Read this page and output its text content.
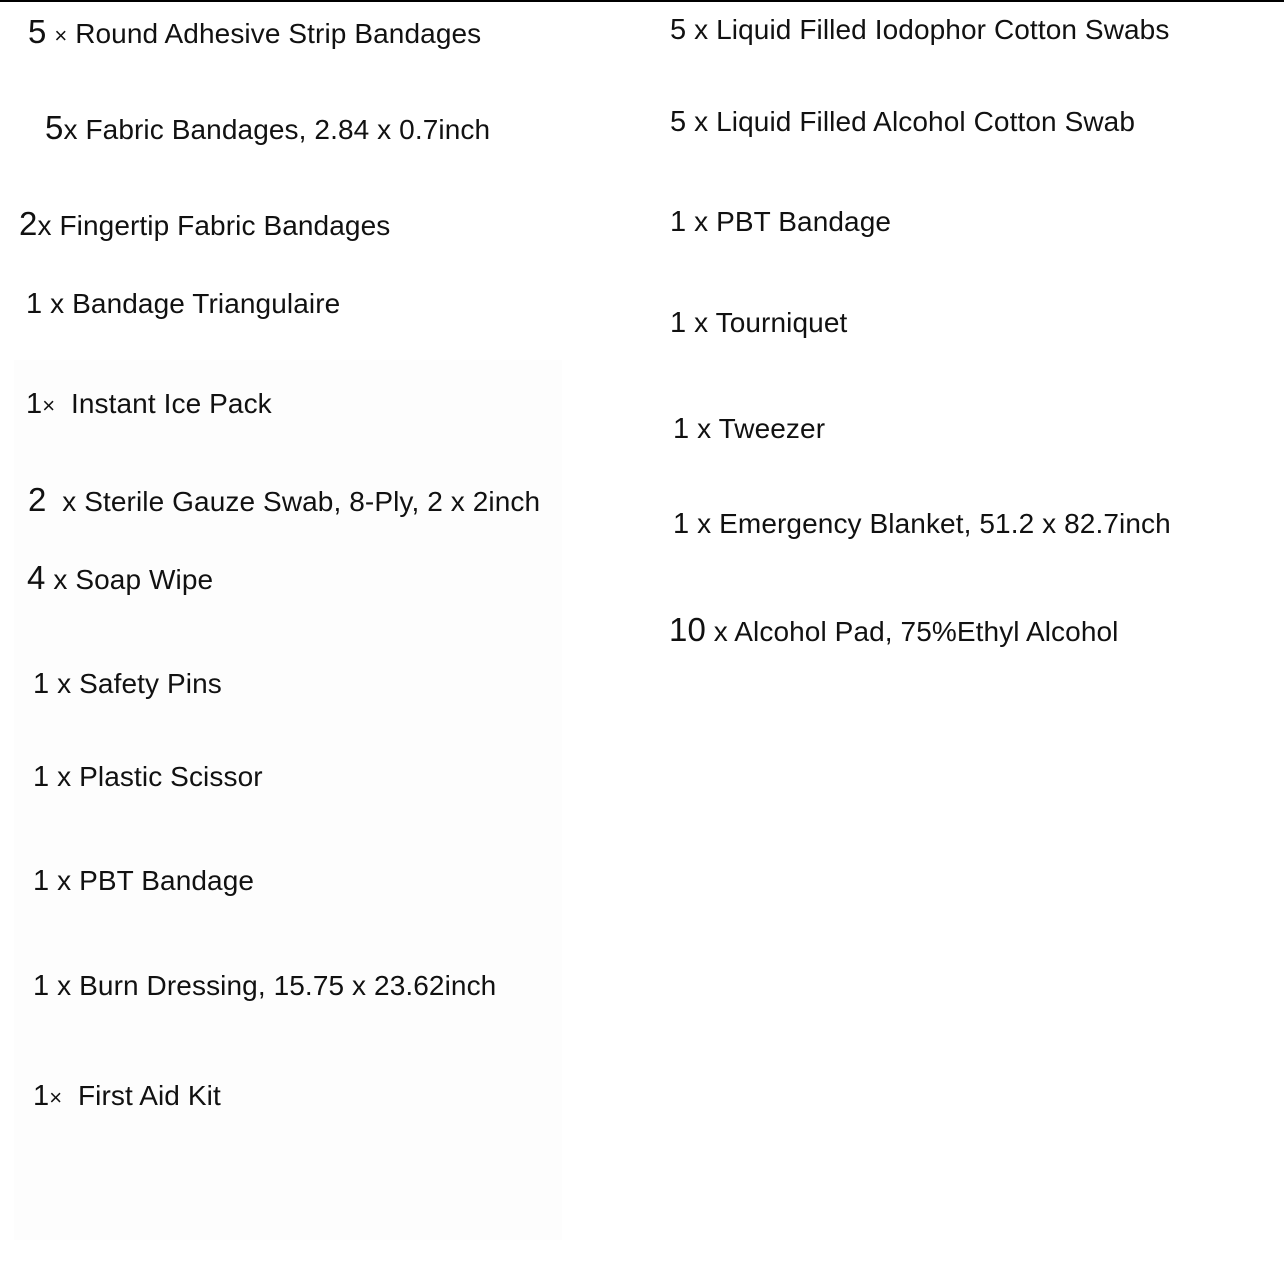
5 × Round Adhesive Strip Bandages
5x Fabric Bandages, 2.84 x 0.7inch
2x Fingertip Fabric Bandages
1 x Bandage Triangulaire
1× Instant Ice Pack
2 x Sterile Gauze Swab, 8-Ply, 2 x 2inch
4 x Soap Wipe
1 x Safety Pins
1 x Plastic Scissor
1 x PBT Bandage
1 x Burn Dressing, 15.75 x 23.62inch
1× First Aid Kit
5 x Liquid Filled Iodophor Cotton Swabs
5 x Liquid Filled Alcohol Cotton Swab
1 x PBT Bandage
1 x Tourniquet
1 x Tweezer
1 x Emergency Blanket, 51.2 x 82.7inch
10 x Alcohol Pad, 75%Ethyl Alcohol
